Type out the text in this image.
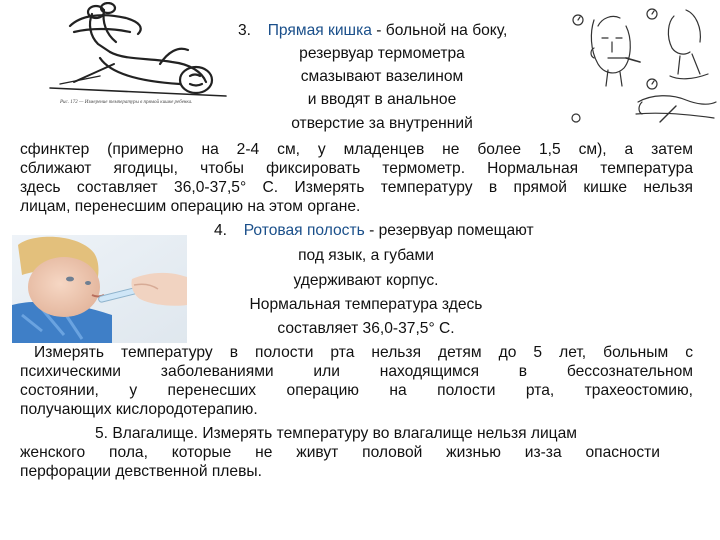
Рис. 172 — Измерение температуры в прямой кишке ребенка.
3. Прямая кишка - больной на боку,
резервуар термометра
смазывают вазелином
и вводят в анальное
отверстие за внутренний
сфинктер (примерно на 2-4 см, у младенцев не более 1,5 см), а затем
сближают ягодицы, чтобы фиксировать термометр. Нормальная температура
здесь составляет 36,0-37,5° С. Измерять температуру в прямой кишке нельзя
лицам, перенесшим операцию на этом органе.
4. Ротовая полость - резервуар помещают
под язык, а губами
удерживают корпус.
Нормальная температура здесь
составляет 36,0-37,5° С.
Измерять температуру в полости рта нельзя детям до 5 лет, больным с
психическими заболеваниями или находящимся в бессознательном
состоянии, у перенесших операцию на полости рта, трахеостомию,
получающих кислородотерапию.
5. Влагалище. Измерять температуру во влагалище нельзя лицам
женского пола, которые не живут половой жизнью из-за опасности
перфорации девственной плевы.
